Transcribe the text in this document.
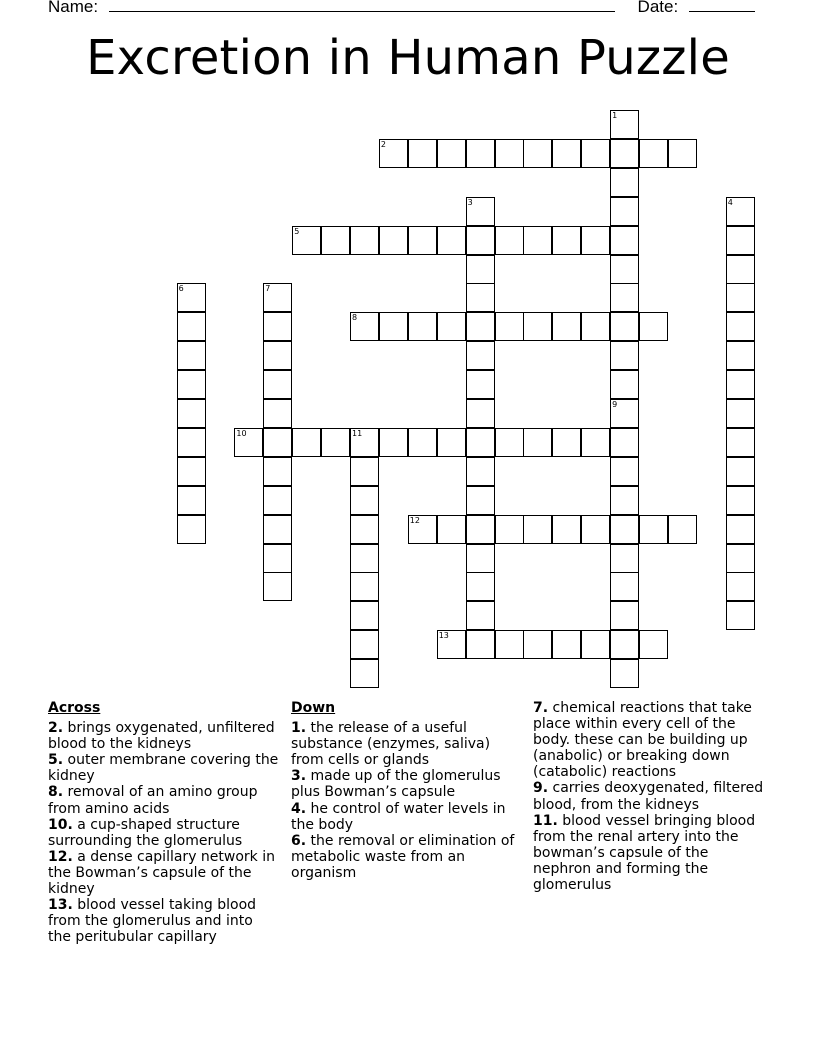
Name:	Date:
Excretion in Human Puzzle
1
2
3	4
5
6	7
8
9
10	11
12
13
Across
2. brings oxygenated, unfiltered blood to the kidneys
5. outer membrane covering the kidney
8. removal of an amino group from amino acids
10. a cup-shaped structure surrounding the glomerulus
12. a dense capillary network in the Bowman’s capsule of the kidney
13. blood vessel taking blood from the glomerulus and into the peritubular capillary
Down
1. the release of a useful substance (enzymes, saliva) from cells or glands
3. made up of the glomerulus plus Bowman’s capsule
4. he control of water levels in the body
6. the removal or elimination of metabolic waste from an organism
7. chemical reactions that take place within every cell of the body. these can be building up (anabolic) or breaking down (catabolic) reactions
9. carries deoxygenated, filtered blood, from the kidneys
11. blood vessel bringing blood from the renal artery into the bowman’s capsule of the nephron and forming the glomerulus
